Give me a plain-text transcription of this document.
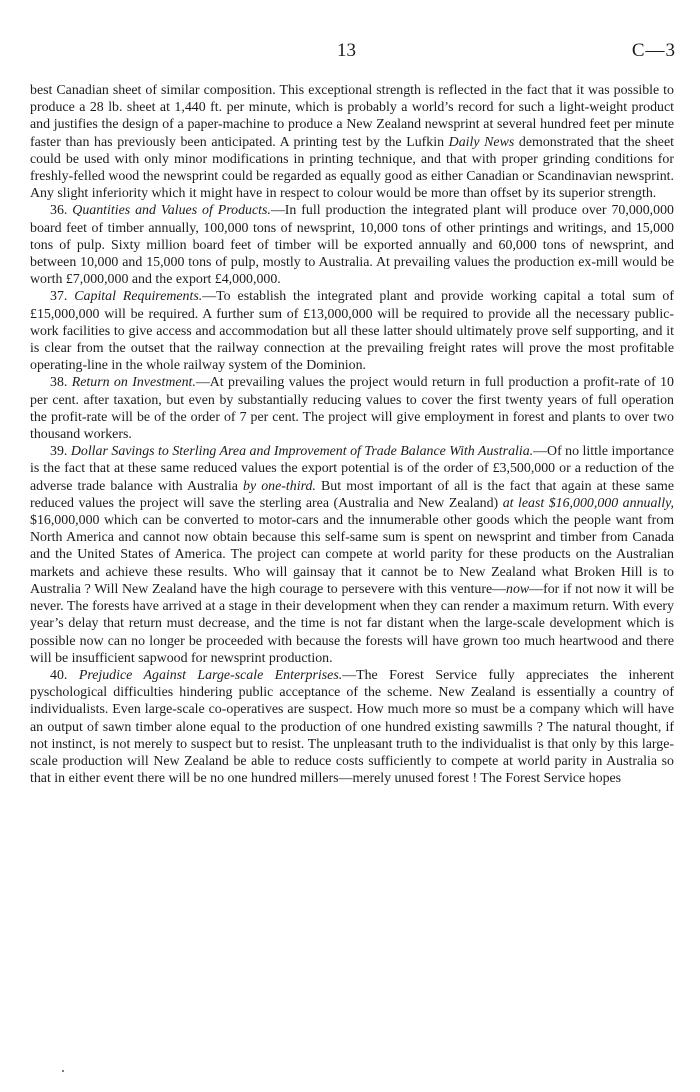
13	C—3

best Canadian sheet of similar composition. This exceptional strength is reflected in the fact that it was possible to produce a 28 lb. sheet at 1,440 ft. per minute, which is probably a world’s record for such a light-weight product and justifies the design of a paper-machine to produce a New Zealand newsprint at several hundred feet per minute faster than has previously been anticipated. A printing test by the Lufkin Daily News demonstrated that the sheet could be used with only minor modifications in printing technique, and that with proper grinding conditions for freshly-felled wood the newsprint could be regarded as equally good as either Canadian or Scandinavian newsprint. Any slight inferiority which it might have in respect to colour would be more than offset by its superior strength.

36. Quantities and Values of Products.—In full production the integrated plant will produce over 70,000,000 board feet of timber annually, 100,000 tons of newsprint, 10,000 tons of other printings and writings, and 15,000 tons of pulp. Sixty million board feet of timber will be exported annually and 60,000 tons of newsprint, and between 10,000 and 15,000 tons of pulp, mostly to Australia. At prevailing values the production ex-mill would be worth £7,000,000 and the export £4,000,000.

37. Capital Requirements.—To establish the integrated plant and provide working capital a total sum of £15,000,000 will be required. A further sum of £13,000,000 will be required to provide all the necessary public-work facilities to give access and accommodation but all these latter should ultimately prove self supporting, and it is clear from the outset that the railway connection at the prevailing freight rates will prove the most profitable operating-line in the whole railway system of the Dominion.

38. Return on Investment.—At prevailing values the project would return in full production a profit-rate of 10 per cent. after taxation, but even by substantially reducing values to cover the first twenty years of full operation the profit-rate will be of the order of 7 per cent. The project will give employment in forest and plants to over two thousand workers.

39. Dollar Savings to Sterling Area and Improvement of Trade Balance With Australia.—Of no little importance is the fact that at these same reduced values the export potential is of the order of £3,500,000 or a reduction of the adverse trade balance with Australia by one-third. But most important of all is the fact that again at these same reduced values the project will save the sterling area (Australia and New Zealand) at least $16,000,000 annually, $16,000,000 which can be converted to motor-cars and the innumerable other goods which the people want from North America and cannot now obtain because this self-same sum is spent on newsprint and timber from Canada and the United States of America. The project can compete at world parity for these products on the Australian markets and achieve these results. Who will gainsay that it cannot be to New Zealand what Broken Hill is to Australia ? Will New Zealand have the high courage to persevere with this venture—now—for if not now it will be never. The forests have arrived at a stage in their development when they can render a maximum return. With every year’s delay that return must decrease, and the time is not far distant when the large-scale development which is possible now can no longer be proceeded with because the forests will have grown too much heartwood and there will be insufficient sapwood for newsprint production.

40. Prejudice Against Large-scale Enterprises.—The Forest Service fully appreciates the inherent pyschological difficulties hindering public acceptance of the scheme. New Zealand is essentially a country of individualists. Even large-scale co-operatives are suspect. How much more so must be a company which will have an output of sawn timber alone equal to the production of one hundred existing sawmills ? The natural thought, if not instinct, is not merely to suspect but to resist. The unpleasant truth to the individualist is that only by this large-scale production will New Zealand be able to reduce costs sufficiently to compete at world parity in Australia so that in either event there will be no one hundred millers—merely unused forest ! The Forest Service hopes
